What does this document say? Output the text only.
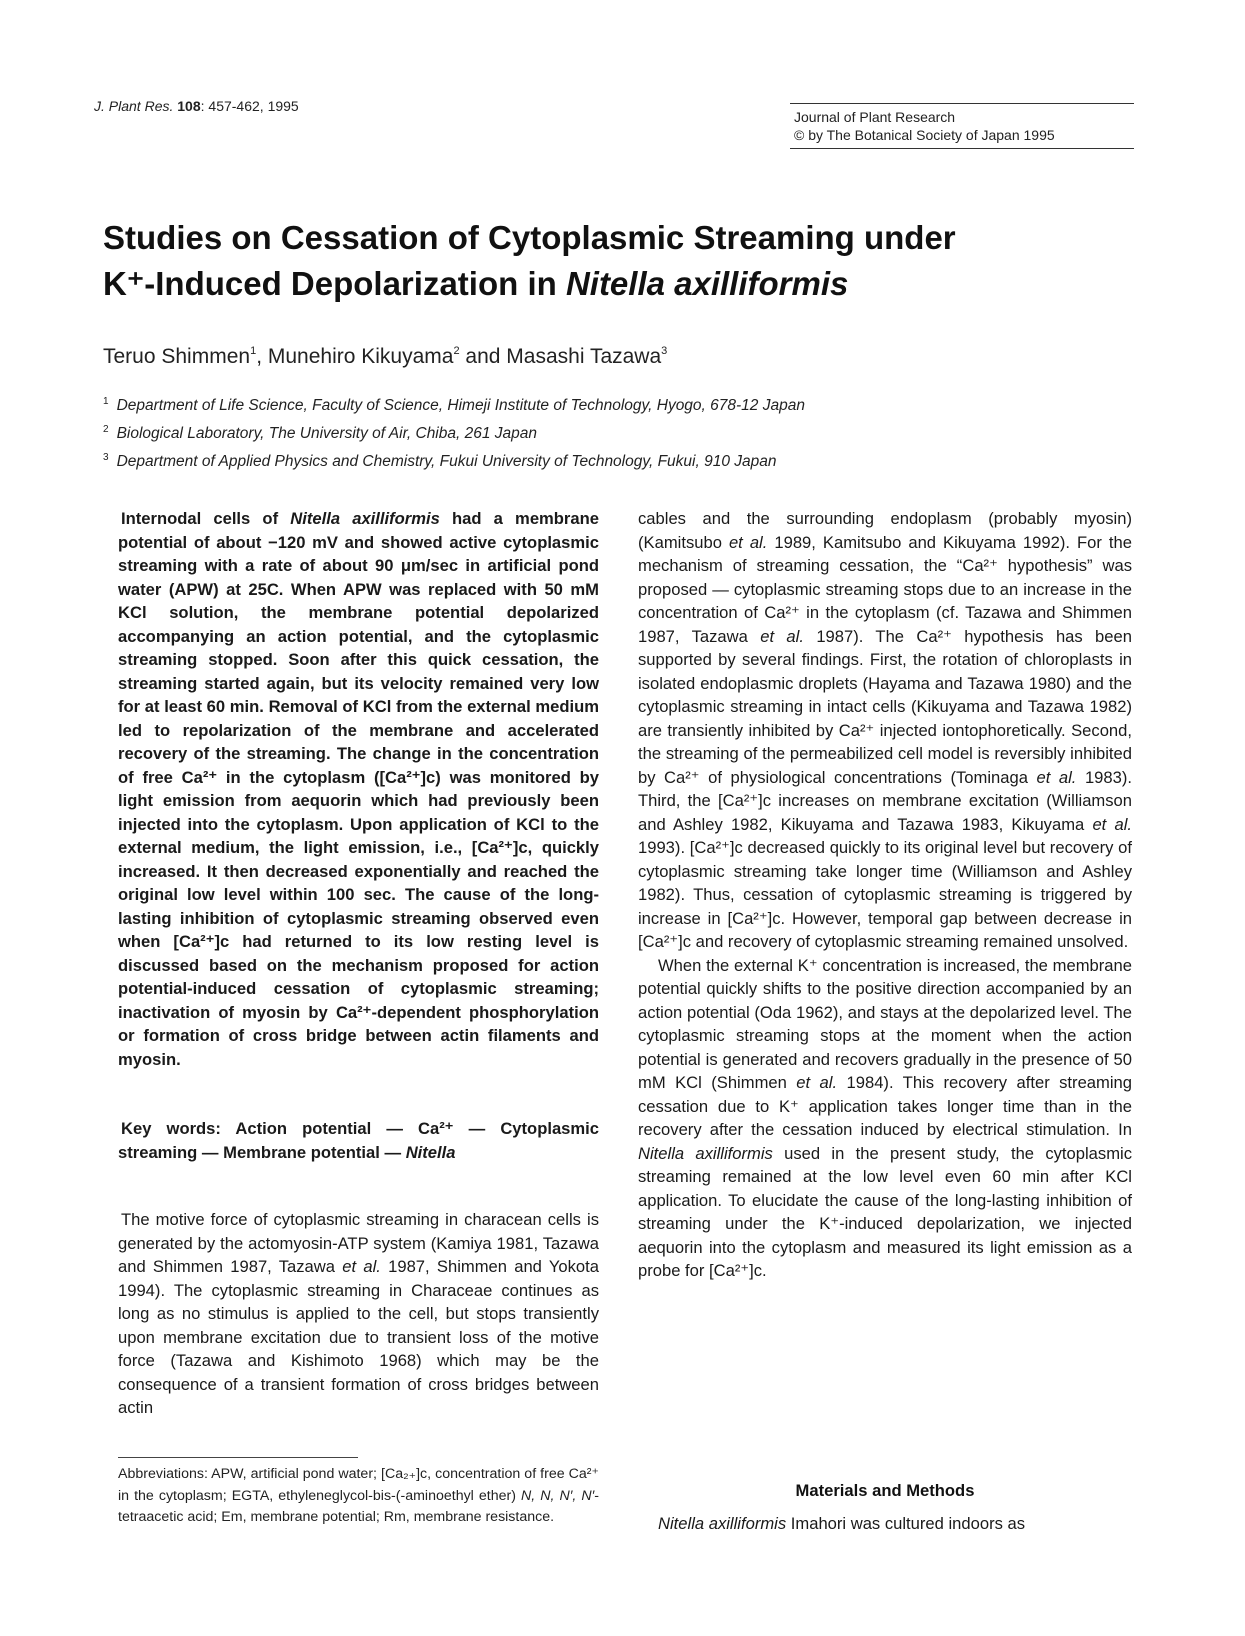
J. Plant Res. 108: 457-462, 1995
Journal of Plant Research
© by The Botanical Society of Japan 1995
Studies on Cessation of Cytoplasmic Streaming under
K⁺-Induced Depolarization in Nitella axilliformis
Teruo Shimmen$^1$, Munehiro Kikuyama$^2$ and Masashi Tazawa$^3$
$^1$ Department of Life Science, Faculty of Science, Himeji Institute of Technology, Hyogo, 678-12 Japan
$^2$ Biological Laboratory, The University of Air, Chiba, 261 Japan
$^3$ Department of Applied Physics and Chemistry, Fukui University of Technology, Fukui, 910 Japan
Internodal cells of Nitella axilliformis had a membrane potential of about −120 mV and showed active cytoplasmic streaming with a rate of about 90 μm/sec in artificial pond water (APW) at 25C. When APW was replaced with 50 mM KCl solution, the membrane potential depolarized accompanying an action potential, and the cytoplasmic streaming stopped. Soon after this quick cessation, the streaming started again, but its velocity remained very low for at least 60 min. Removal of KCl from the external medium led to repolarization of the membrane and accelerated recovery of the streaming. The change in the concentration of free Ca²⁺ in the cytoplasm ([Ca²⁺]c) was monitored by light emission from aequorin which had previously been injected into the cytoplasm. Upon application of KCl to the external medium, the light emission, i.e., [Ca²⁺]c, quickly increased. It then decreased exponentially and reached the original low level within 100 sec. The cause of the long-lasting inhibition of cytoplasmic streaming observed even when [Ca²⁺]c had returned to its low resting level is discussed based on the mechanism proposed for action potential-induced cessation of cytoplasmic streaming; inactivation of myosin by Ca²⁺-dependent phosphorylation or formation of cross bridge between actin filaments and myosin.
Key words: Action potential — Ca²⁺ — Cytoplasmic streaming — Membrane potential — Nitella
The motive force of cytoplasmic streaming in characean cells is generated by the actomyosin-ATP system (Kamiya 1981, Tazawa and Shimmen 1987, Tazawa et al. 1987, Shimmen and Yokota 1994). The cytoplasmic streaming in Characeae continues as long as no stimulus is applied to the cell, but stops transiently upon membrane excitation due to transient loss of the motive force (Tazawa and Kishimoto 1968) which may be the consequence of a transient formation of cross bridges between actin
Abbreviations: APW, artificial pond water; [Ca₂₊]c, concentration of free Ca²⁺ in the cytoplasm; EGTA, ethyleneglycol-bis-(-aminoethyl ether) N, N, N′, N′-tetraacetic acid; Em, membrane potential; Rm, membrane resistance.

cables and the surrounding endoplasm (probably myosin) (Kamitsubo et al. 1989, Kamitsubo and Kikuyama 1992). For the mechanism of streaming cessation, the “Ca²⁺ hypothesis” was proposed — cytoplasmic streaming stops due to an increase in the concentration of Ca²⁺ in the cytoplasm (cf. Tazawa and Shimmen 1987, Tazawa et al. 1987). The Ca²⁺ hypothesis has been supported by several findings. First, the rotation of chloroplasts in isolated endoplasmic droplets (Hayama and Tazawa 1980) and the cytoplasmic streaming in intact cells (Kikuyama and Tazawa 1982) are transiently inhibited by Ca²⁺ injected iontophoretically. Second, the streaming of the permeabilized cell model is reversibly inhibited by Ca²⁺ of physiological concentrations (Tominaga et al. 1983). Third, the [Ca²⁺]c increases on membrane excitation (Williamson and Ashley 1982, Kikuyama and Tazawa 1983, Kikuyama et al. 1993). [Ca²⁺]c decreased quickly to its original level but recovery of cytoplasmic streaming take longer time (Williamson and Ashley 1982). Thus, cessation of cytoplasmic streaming is triggered by increase in [Ca²⁺]c. However, temporal gap between decrease in [Ca²⁺]c and recovery of cytoplasmic streaming remained unsolved.

When the external K⁺ concentration is increased, the membrane potential quickly shifts to the positive direction accompanied by an action potential (Oda 1962), and stays at the depolarized level. The cytoplasmic streaming stops at the moment when the action potential is generated and recovers gradually in the presence of 50 mM KCl (Shimmen et al. 1984). This recovery after streaming cessation due to K⁺ application takes longer time than in the recovery after the cessation induced by electrical stimulation. In Nitella axilliformis used in the present study, the cytoplasmic streaming remained at the low level even 60 min after KCl application. To elucidate the cause of the long-lasting inhibition of streaming under the K⁺-induced depolarization, we injected aequorin into the cytoplasm and measured its light emission as a probe for [Ca²⁺]c.

Materials and Methods
Nitella axilliformis Imahori was cultured indoors as
